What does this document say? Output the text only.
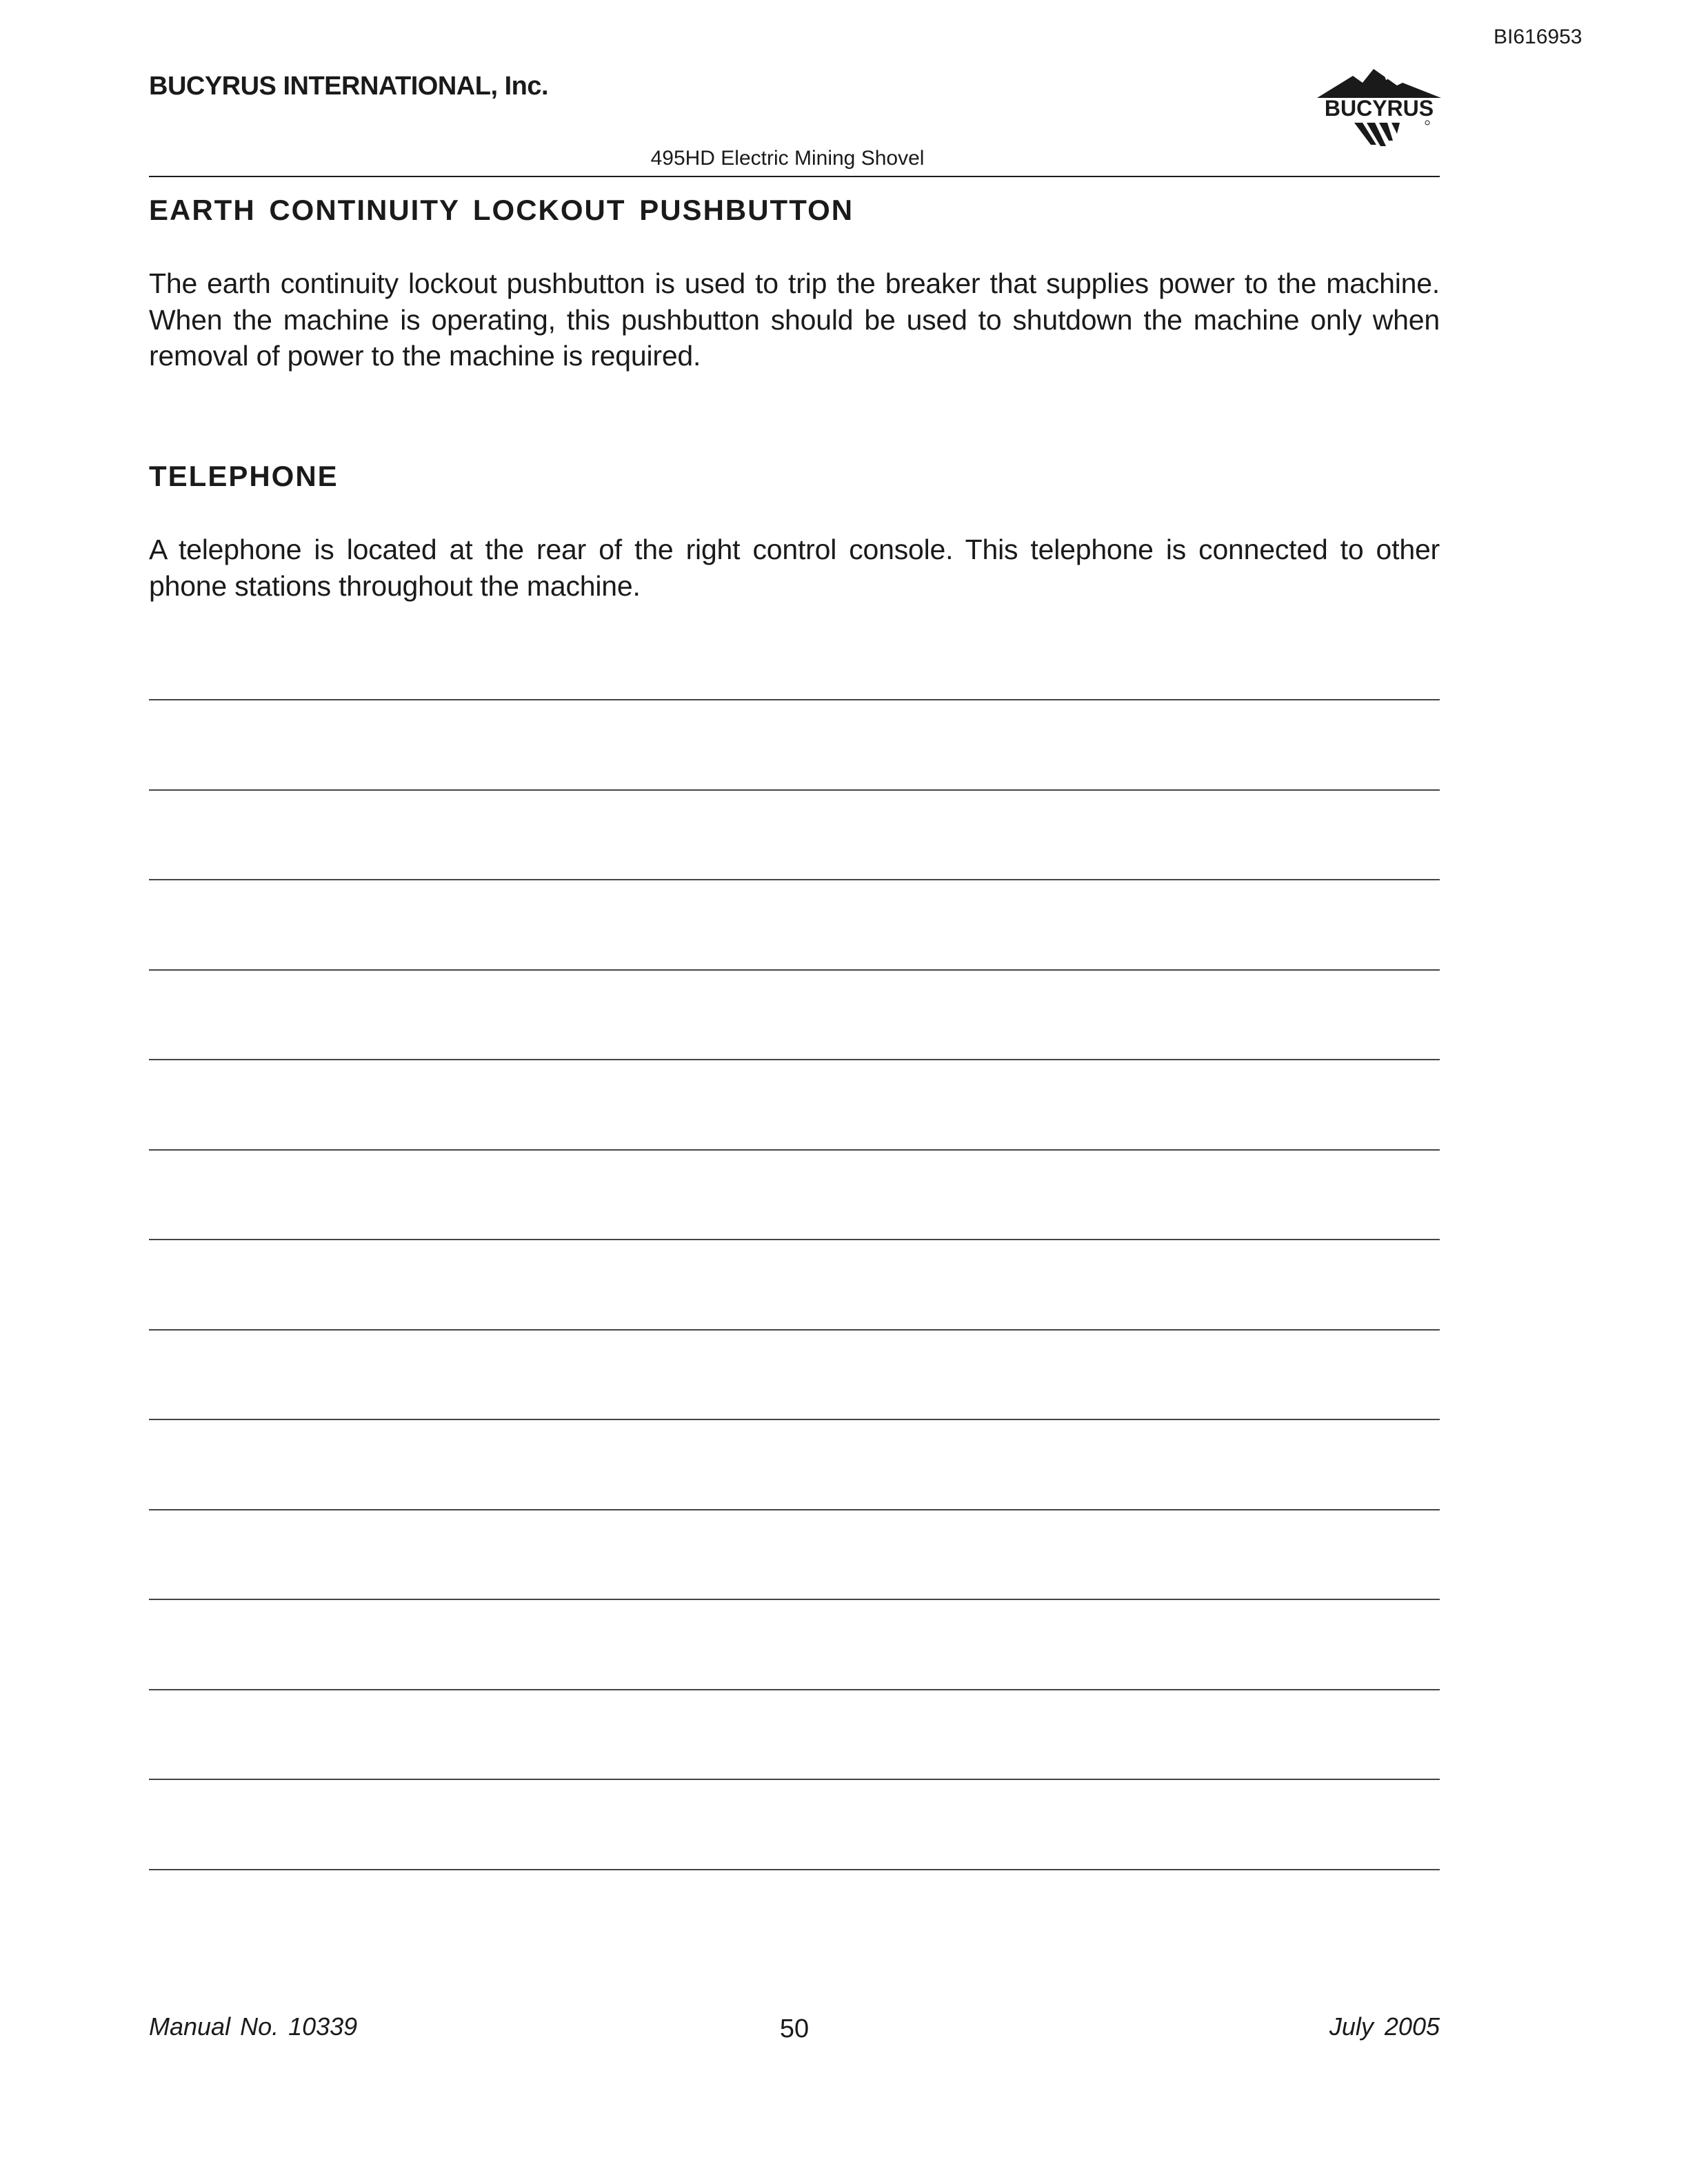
BI616953
BUCYRUS INTERNATIONAL, Inc.
BUCYRUS
495HD Electric Mining Shovel
EARTH CONTINUITY LOCKOUT PUSHBUTTON
The earth continuity lockout pushbutton is used to trip the breaker that supplies power to the machine. When the machine is operating, this pushbutton should be used to shutdown the machine only when removal of power to the machine is required.
TELEPHONE
A telephone is located at the rear of the right control console. This telephone is connected to other phone stations throughout the machine.
Manual No. 10339	50	July 2005
